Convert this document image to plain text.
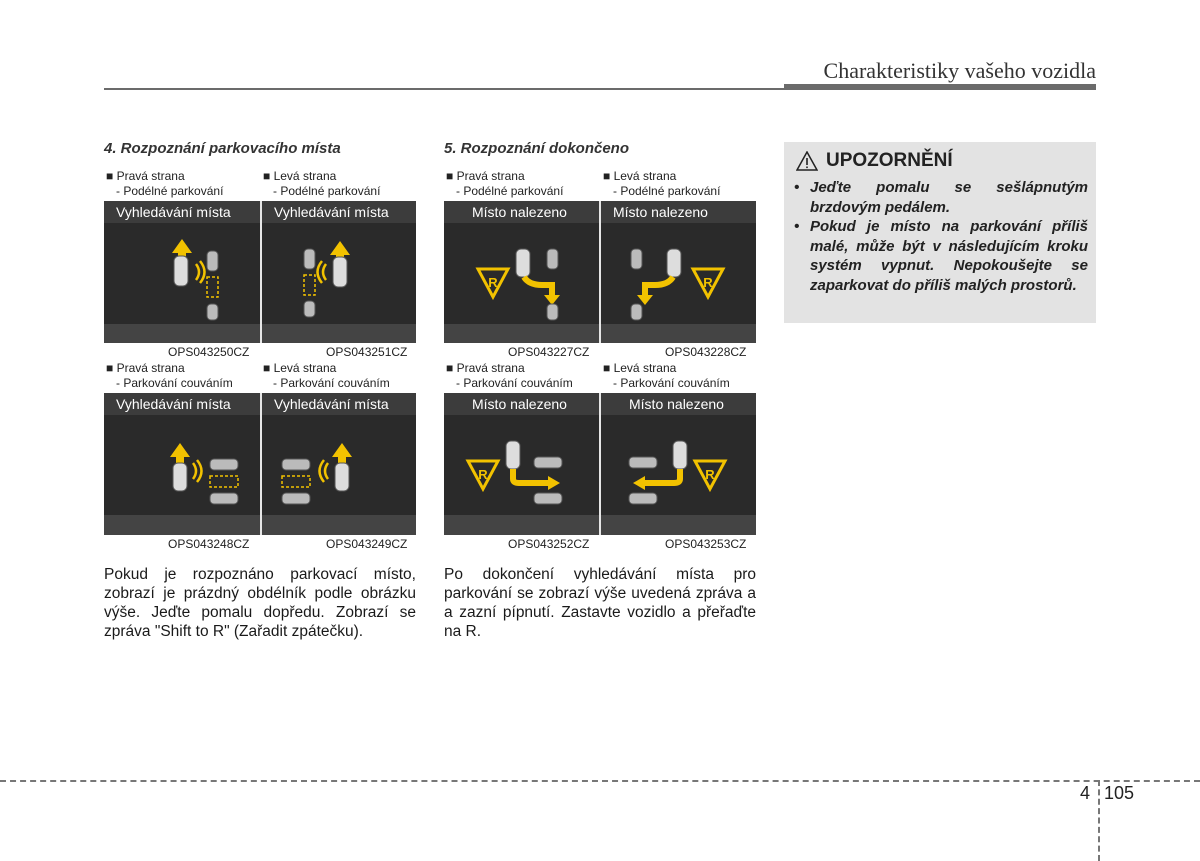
Charakteristiky vašeho vozidla
4. Rozpoznání parkovacího místa
■ Pravá strana
- Podélné parkování
■ Levá strana
- Podélné parkování
Vyhledávání místa	Vyhledávání místa
OPS043250CZ	OPS043251CZ
■ Pravá strana
- Parkování couváním
■ Levá strana
- Parkování couváním
Vyhledávání místa	Vyhledávání místa
OPS043248CZ	OPS043249CZ
Pokud je rozpoznáno parkovací místo, zobrazí je prázdný obdélník podle obrázku výše. Jeďte pomalu dopředu. Zobrazí se zpráva "Shift to R" (Zařadit zpátečku).
5. Rozpoznání dokončeno
■ Pravá strana
- Podélné parkování
■ Levá strana
- Podélné parkování
Místo nalezeno
R
Místo nalezeno
R
OPS043227CZ	OPS043228CZ
■ Pravá strana
- Parkování couváním
■ Levá strana
- Parkování couváním
Místo nalezeno
R
Místo nalezeno
R
OPS043252CZ	OPS043253CZ
Po dokončení vyhledávání místa pro parkování se zobrazí výše uvedená zpráva a a zazní pípnutí. Zastavte vozidlo a přeřaďte na R.
UPOZORNĚNÍ
• Jeďte pomalu se sešlápnutým brzdovým pedálem.
• Pokud je místo na parkování příliš malé, může být v následujícím kroku systém vypnut. Nepokoušejte se zaparkovat do příliš malých prostorů.
4 105
